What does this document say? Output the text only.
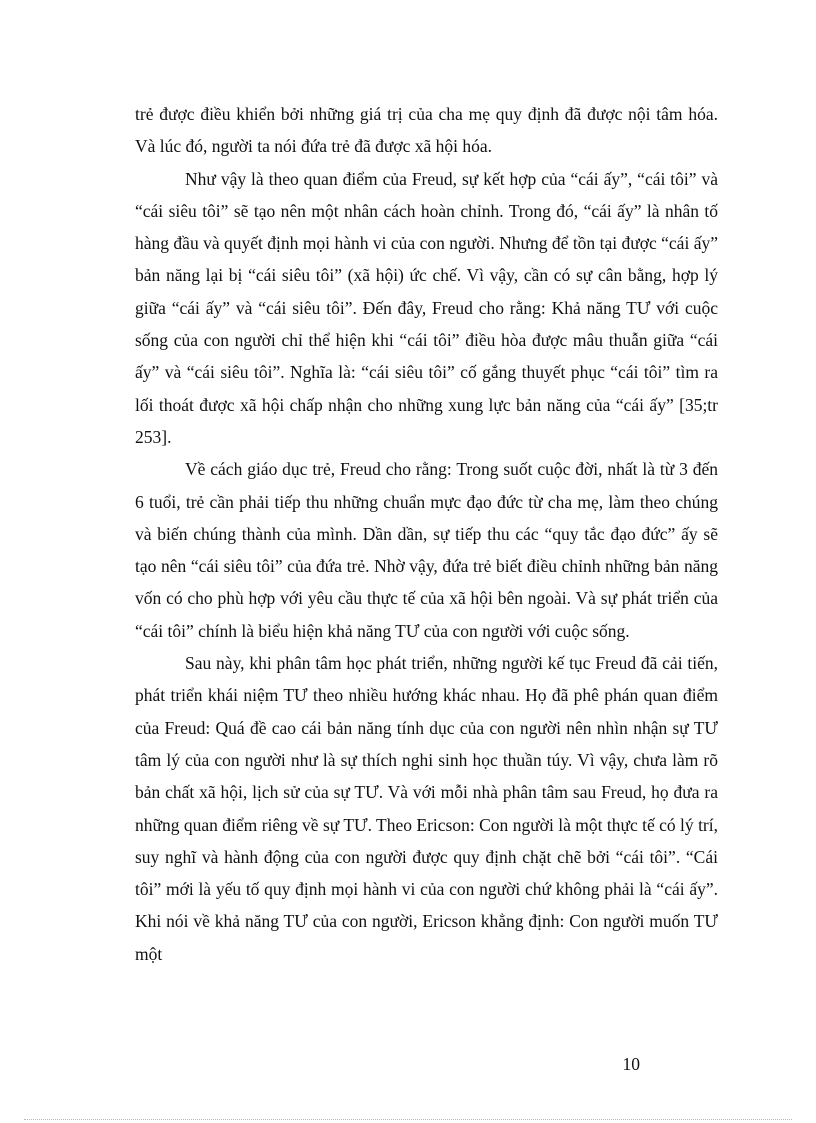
trẻ được điều khiển bởi những giá trị của cha mẹ quy định đã được nội tâm hóa. Và lúc đó, người ta nói đứa trẻ đã được xã hội hóa.

Như vậy là theo quan điểm của Freud, sự kết hợp của “cái ấy”, “cái tôi” và “cái siêu tôi” sẽ tạo nên một nhân cách hoàn chỉnh. Trong đó, “cái ấy” là nhân tố hàng đầu và quyết định mọi hành vi của con người. Nhưng để tồn tại được “cái ấy” bản năng lại bị “cái siêu tôi” (xã hội) ức chế. Vì vậy, cần có sự cân bằng, hợp lý giữa “cái ấy” và “cái siêu tôi”. Đến đây, Freud cho rằng: Khả năng TƯ với cuộc sống của con người chỉ thể hiện khi “cái tôi” điều hòa được mâu thuẫn giữa “cái ấy” và “cái siêu tôi”. Nghĩa là: “cái siêu tôi” cố gắng thuyết phục “cái tôi” tìm ra lối thoát được xã hội chấp nhận cho những xung lực bản năng của “cái ấy” [35;tr 253].

Về cách giáo dục trẻ, Freud cho rằng: Trong suốt cuộc đời, nhất là từ 3 đến 6 tuổi, trẻ cần phải tiếp thu những chuẩn mực đạo đức từ cha mẹ, làm theo chúng và biến chúng thành của mình. Dần dần, sự tiếp thu các “quy tắc đạo đức” ấy sẽ tạo nên “cái siêu tôi” của đứa trẻ. Nhờ vậy, đứa trẻ biết điều chỉnh những bản năng vốn có cho phù hợp với yêu cầu thực tế của xã hội bên ngoài. Và sự phát triển của “cái tôi” chính là biểu hiện khả năng TƯ của con người với cuộc sống.

Sau này, khi phân tâm học phát triển, những người kế tục Freud đã cải tiến, phát triển khái niệm TƯ theo nhiều hướng khác nhau. Họ đã phê phán quan điểm của Freud: Quá đề cao cái bản năng tính dục của con người nên nhìn nhận sự TƯ tâm lý của con người như là sự thích nghi sinh học thuần túy. Vì vậy, chưa làm rõ bản chất xã hội, lịch sử của sự TƯ. Và với mỗi nhà phân tâm sau Freud, họ đưa ra những quan điểm riêng về sự TƯ. Theo Ericson: Con người là một thực tế có lý trí, suy nghĩ và hành động của con người được quy định chặt chẽ bởi “cái tôi”. “Cái tôi” mới là yếu tố quy định mọi hành vi của con người chứ không phải là “cái ấy”. Khi nói về khả năng TƯ của con người, Ericson khẳng định: Con người muốn TƯ một

10
